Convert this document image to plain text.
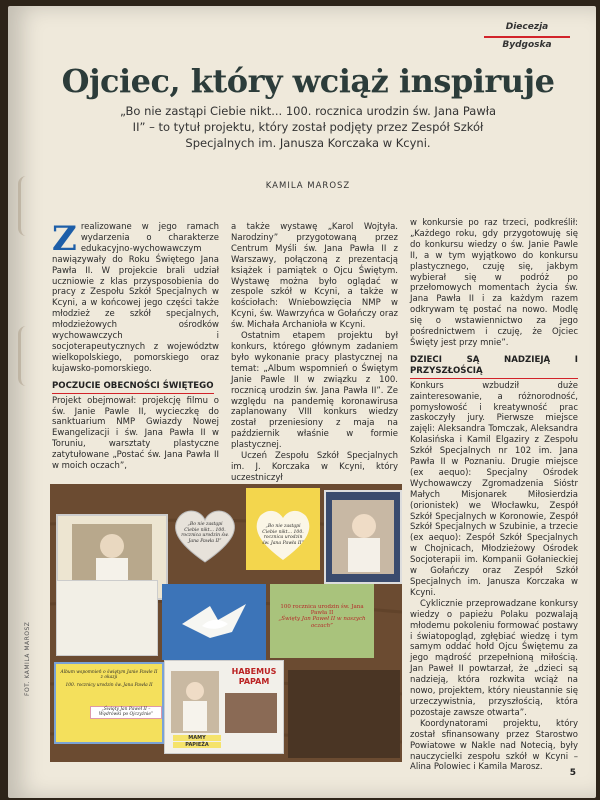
Diecezja Bydgoska
Ojciec, który wciąż inspiruje

„Bo nie zastąpi Ciebie nikt... 100. rocznica urodzin św. Jana Pawła II” – to tytuł projektu, który został podjęty przez Zespół Szkół Specjalnych im. Janusza Korczaka w Kcyni.

KAMILA MAROSZ

Zrealizowane w jego ramach wydarzenia o charakterze edukacyjno-wychowawczym nawiązywały do Roku Świętego Jana Pawła II. W projekcie brali udział uczniowie z klas przysposobienia do pracy z Zespołu Szkół Specjalnych w Kcyni, a w końcowej jego części także młodzież ze szkół specjalnych, młodzieżowych ośrodków wychowawczych i socjoterapeutycznych z województw wielkopolskiego, pomorskiego oraz kujawsko-pomorskiego.

POCZUCIE OBECNOŚCI ŚWIĘTEGO

Projekt obejmował: projekcję filmu o św. Janie Pawle II, wycieczkę do sanktuarium NMP Gwiazdy Nowej Ewangelizacji i św. Jana Pawła II w Toruniu, warsztaty plastyczne zatytułowane „Postać św. Jana Pawła II w moich oczach”,

a także wystawę „Karol Wojtyła. Narodziny” przygotowaną przez Centrum Myśli św. Jana Pawła II z Warszawy, połączoną z prezentacją książek i pamiątek o Ojcu Świętym. Wystawę można było oglądać w zespole szkół w Kcyni, a także w kościołach: Wniebowzięcia NMP w Kcyni, św. Wawrzyńca w Gołańczy oraz św. Michała Archanioła w Kcyni.

Ostatnim etapem projektu był konkurs, którego głównym zadaniem było wykonanie pracy plastycznej na temat: „Album wspomnień o Świętym Janie Pawle II w związku z 100. rocznicą urodzin św. Jana Pawła II”. Ze względu na pandemię koronawirusa zaplanowany VIII konkurs wiedzy został przeniesiony z maja na październik właśnie w formie plastycznej.

Uczeń Zespołu Szkół Specjalnych im. J. Korczaka w Kcyni, który uczestniczył

w konkursie po raz trzeci, podkreślił: „Każdego roku, gdy przygotowuję się do konkursu wiedzy o św. Janie Pawle II, a w tym wyjątkowo do konkursu plastycznego, czuję się, jakbym wybierał się w podróż po przełomowych momentach życia św. Jana Pawła II i za każdym razem odkrywam tę postać na nowo. Modlę się o wstawiennictwo za jego pośrednictwem i czuję, że Ojciec Święty jest przy mnie”.

DZIECI SĄ NADZIEJĄ I PRZYSZŁOŚCIĄ

Konkurs wzbudził duże zainteresowanie, a różnorodność, pomysłowość i kreatywność prac zaskoczyły jury. Pierwsze miejsce zajęli: Aleksandra Tomczak, Aleksandra Kolasińska i Kamil Elgaziry z Zespołu Szkół Specjalnych nr 102 im. Jana Pawła II w Poznaniu. Drugie miejsce (ex aequo): Specjalny Ośrodek Wychowawczy Zgromadzenia Sióstr Małych Misjonarek Miłosierdzia (orionistek) we Włocławku, Zespół Szkół Specjalnych w Koronowie, Zespół Szkół Specjalnych w Szubinie, a trzecie (ex aequo): Zespół Szkół Specjalnych w Chojnicach, Młodzieżowy Ośrodek Socjoterapii im. Kompanii Gołanieckiej w Gołańczy oraz Zespół Szkół Specjalnych im. Janusza Korczaka w Kcyni.

Cyklicznie przeprowadzane konkursy wiedzy o papieżu Polaku pozwalają młodemu pokoleniu formować postawy i światopogląd, zgłębiać wiedzę i tym samym oddać hołd Ojcu Świętemu za jego mądrość przepełnioną miłością. Jan Paweł II powtarzał, że „dzieci są nadzieją, która rozkwita wciąż na nowo, projektem, który nieustannie się urzeczywistnia, przyszłością, która pozostaje zawsze otwarta”.

Koordynatorami projektu, który został sfinansowany przez Starostwo Powiatowe w Nakle nad Notecią, były nauczycielki zespołu szkół w Kcyni – Alina Polowiec i Kamila Marosz.

„Bo nie zastąpi Ciebie nikt... 100. rocznica urodzin św. Jana Pawła II”
„Bo nie zastąpi Ciebie nikt... 100. rocznica urodzin św. Jana Pawła II”
100 rocznica urodzin św. Jana Pawła II
„Święty Jan Paweł II w naszych oczach”
Album wspomnień o świętym Janie Pawle II z okazji
100. rocznicy urodzin św. Jana Pawła II
„Święty Jan Paweł II – Wędrówki po Ojczyźnie”
HABEMUS
PAPAM
MAMY
PAPIEŻA
FOT. KAMILA MAROSZ
5
